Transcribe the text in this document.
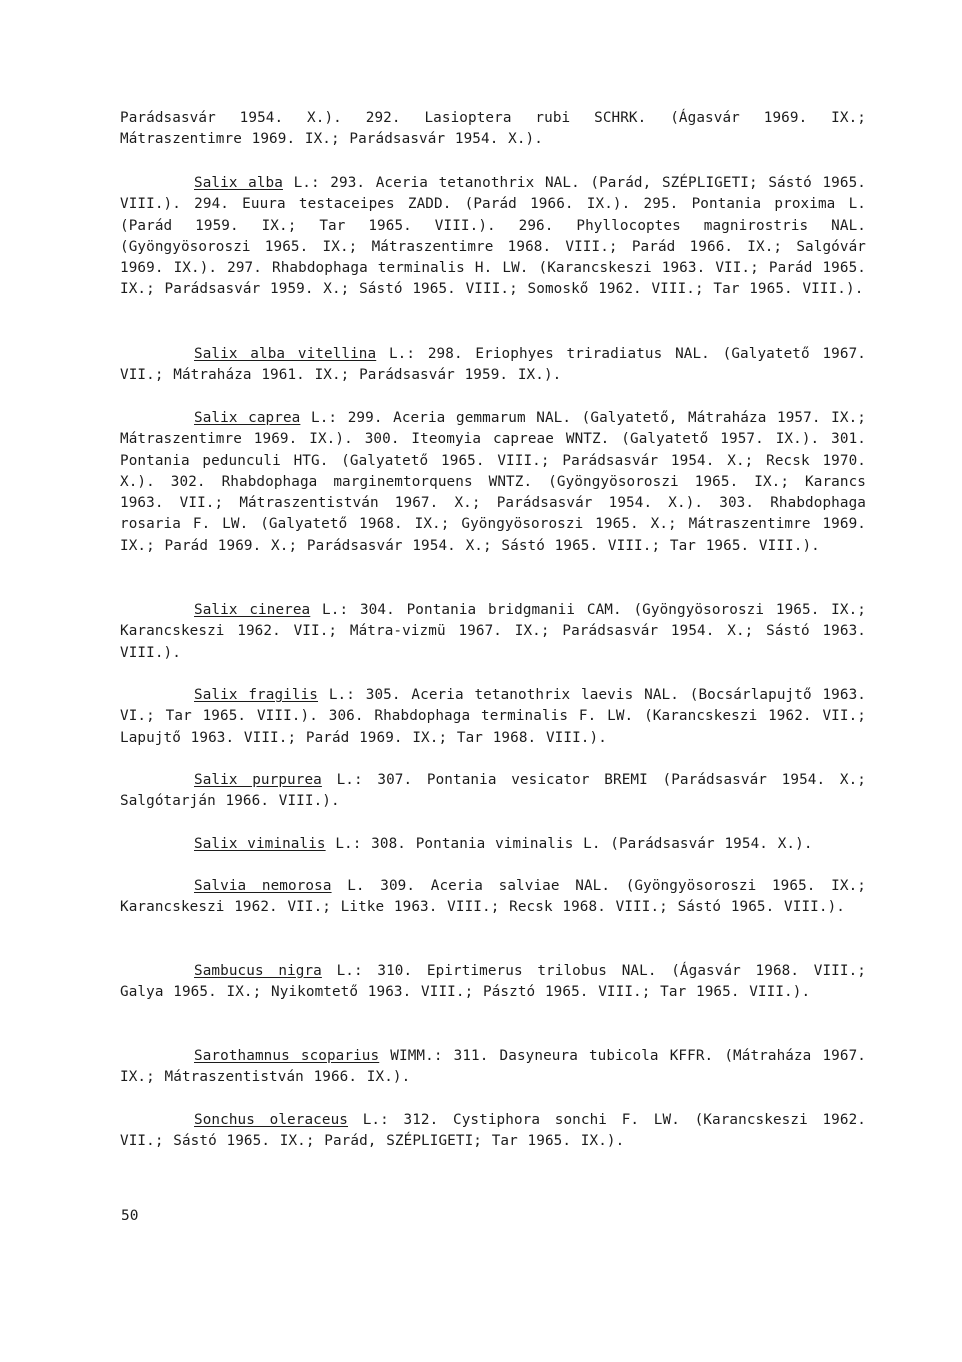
Parádsasvár 1954. X.). 292. Lasioptera rubi SCHRK. (Ágasvár 1969. IX.; Mátraszentimre 1969. IX.; Parádsasvár 1954. X.).

Salix alba L.: 293. Aceria tetanothrix NAL. (Parád, SZÉPLIGETI; Sástó 1965. VIII.). 294. Euura testaceipes ZADD. (Parád 1966. IX.). 295. Pontania proxima L. (Parád 1959. IX.; Tar 1965. VIII.). 296. Phyllocoptes magnirostris NAL. (Gyöngyösoroszi 1965. IX.; Mátraszentimre 1968. VIII.; Parád 1966. IX.; Salgóvár 1969. IX.). 297. Rhabdophaga terminalis H. LW. (Karancskeszi 1963. VII.; Parád 1965. IX.; Parádsasvár 1959. X.; Sástó 1965. VIII.; Somoskő 1962. VIII.; Tar 1965. VIII.).

Salix alba vitellina L.: 298. Eriophyes triradiatus NAL. (Galyatető 1967. VII.; Mátraháza 1961. IX.; Parádsasvár 1959. IX.).

Salix caprea L.: 299. Aceria gemmarum NAL. (Galyatető, Mátraháza 1957. IX.; Mátraszentimre 1969. IX.). 300. Iteomyia capreae WNTZ. (Galyatető 1957. IX.). 301. Pontania pedunculi HTG. (Galyatető 1965. VIII.; Parádsasvár 1954. X.; Recsk 1970. X.). 302. Rhabdophaga marginemtorquens WNTZ. (Gyöngyösoroszi 1965. IX.; Karancs 1963. VII.; Mátraszentistván 1967. X.; Parádsasvár 1954. X.). 303. Rhabdophaga rosaria F. LW. (Galyatető 1968. IX.; Gyöngyösoroszi 1965. X.; Mátraszentimre 1969. IX.; Parád 1969. X.; Parádsasvár 1954. X.; Sástó 1965. VIII.; Tar 1965. VIII.).

Salix cinerea L.: 304. Pontania bridgmanii CAM. (Gyöngyösoroszi 1965. IX.; Karancskeszi 1962. VII.; Mátra-vizmü 1967. IX.; Parádsasvár 1954. X.; Sástó 1963. VIII.).

Salix fragilis L.: 305. Aceria tetanothrix laevis NAL. (Bocsárlapujtő 1963. VI.; Tar 1965. VIII.). 306. Rhabdophaga terminalis F. LW. (Karancskeszi 1962. VII.; Lapujtő 1963. VIII.; Parád 1969. IX.; Tar 1968. VIII.).

Salix purpurea L.: 307. Pontania vesicator BREMI (Parádsasvár 1954. X.; Salgótarján 1966. VIII.).

Salix viminalis L.: 308. Pontania viminalis L. (Parádsasvár 1954. X.).

Salvia nemorosa L. 309. Aceria salviae NAL. (Gyöngyösoroszi 1965. IX.; Karancskeszi 1962. VII.; Litke 1963. VIII.; Recsk 1968. VIII.; Sástó 1965. VIII.).

Sambucus nigra L.: 310. Epirtimerus trilobus NAL. (Ágasvár 1968. VIII.; Galya 1965. IX.; Nyikomtető 1963. VIII.; Pásztó 1965. VIII.; Tar 1965. VIII.).

Sarothamnus scoparius WIMM.: 311. Dasyneura tubicola KFFR. (Mátraháza 1967. IX.; Mátraszentistván 1966. IX.).

Sonchus oleraceus L.: 312. Cystiphora sonchi F. LW. (Karancskeszi 1962. VII.; Sástó 1965. IX.; Parád, SZÉPLIGETI; Tar 1965. IX.).

50
